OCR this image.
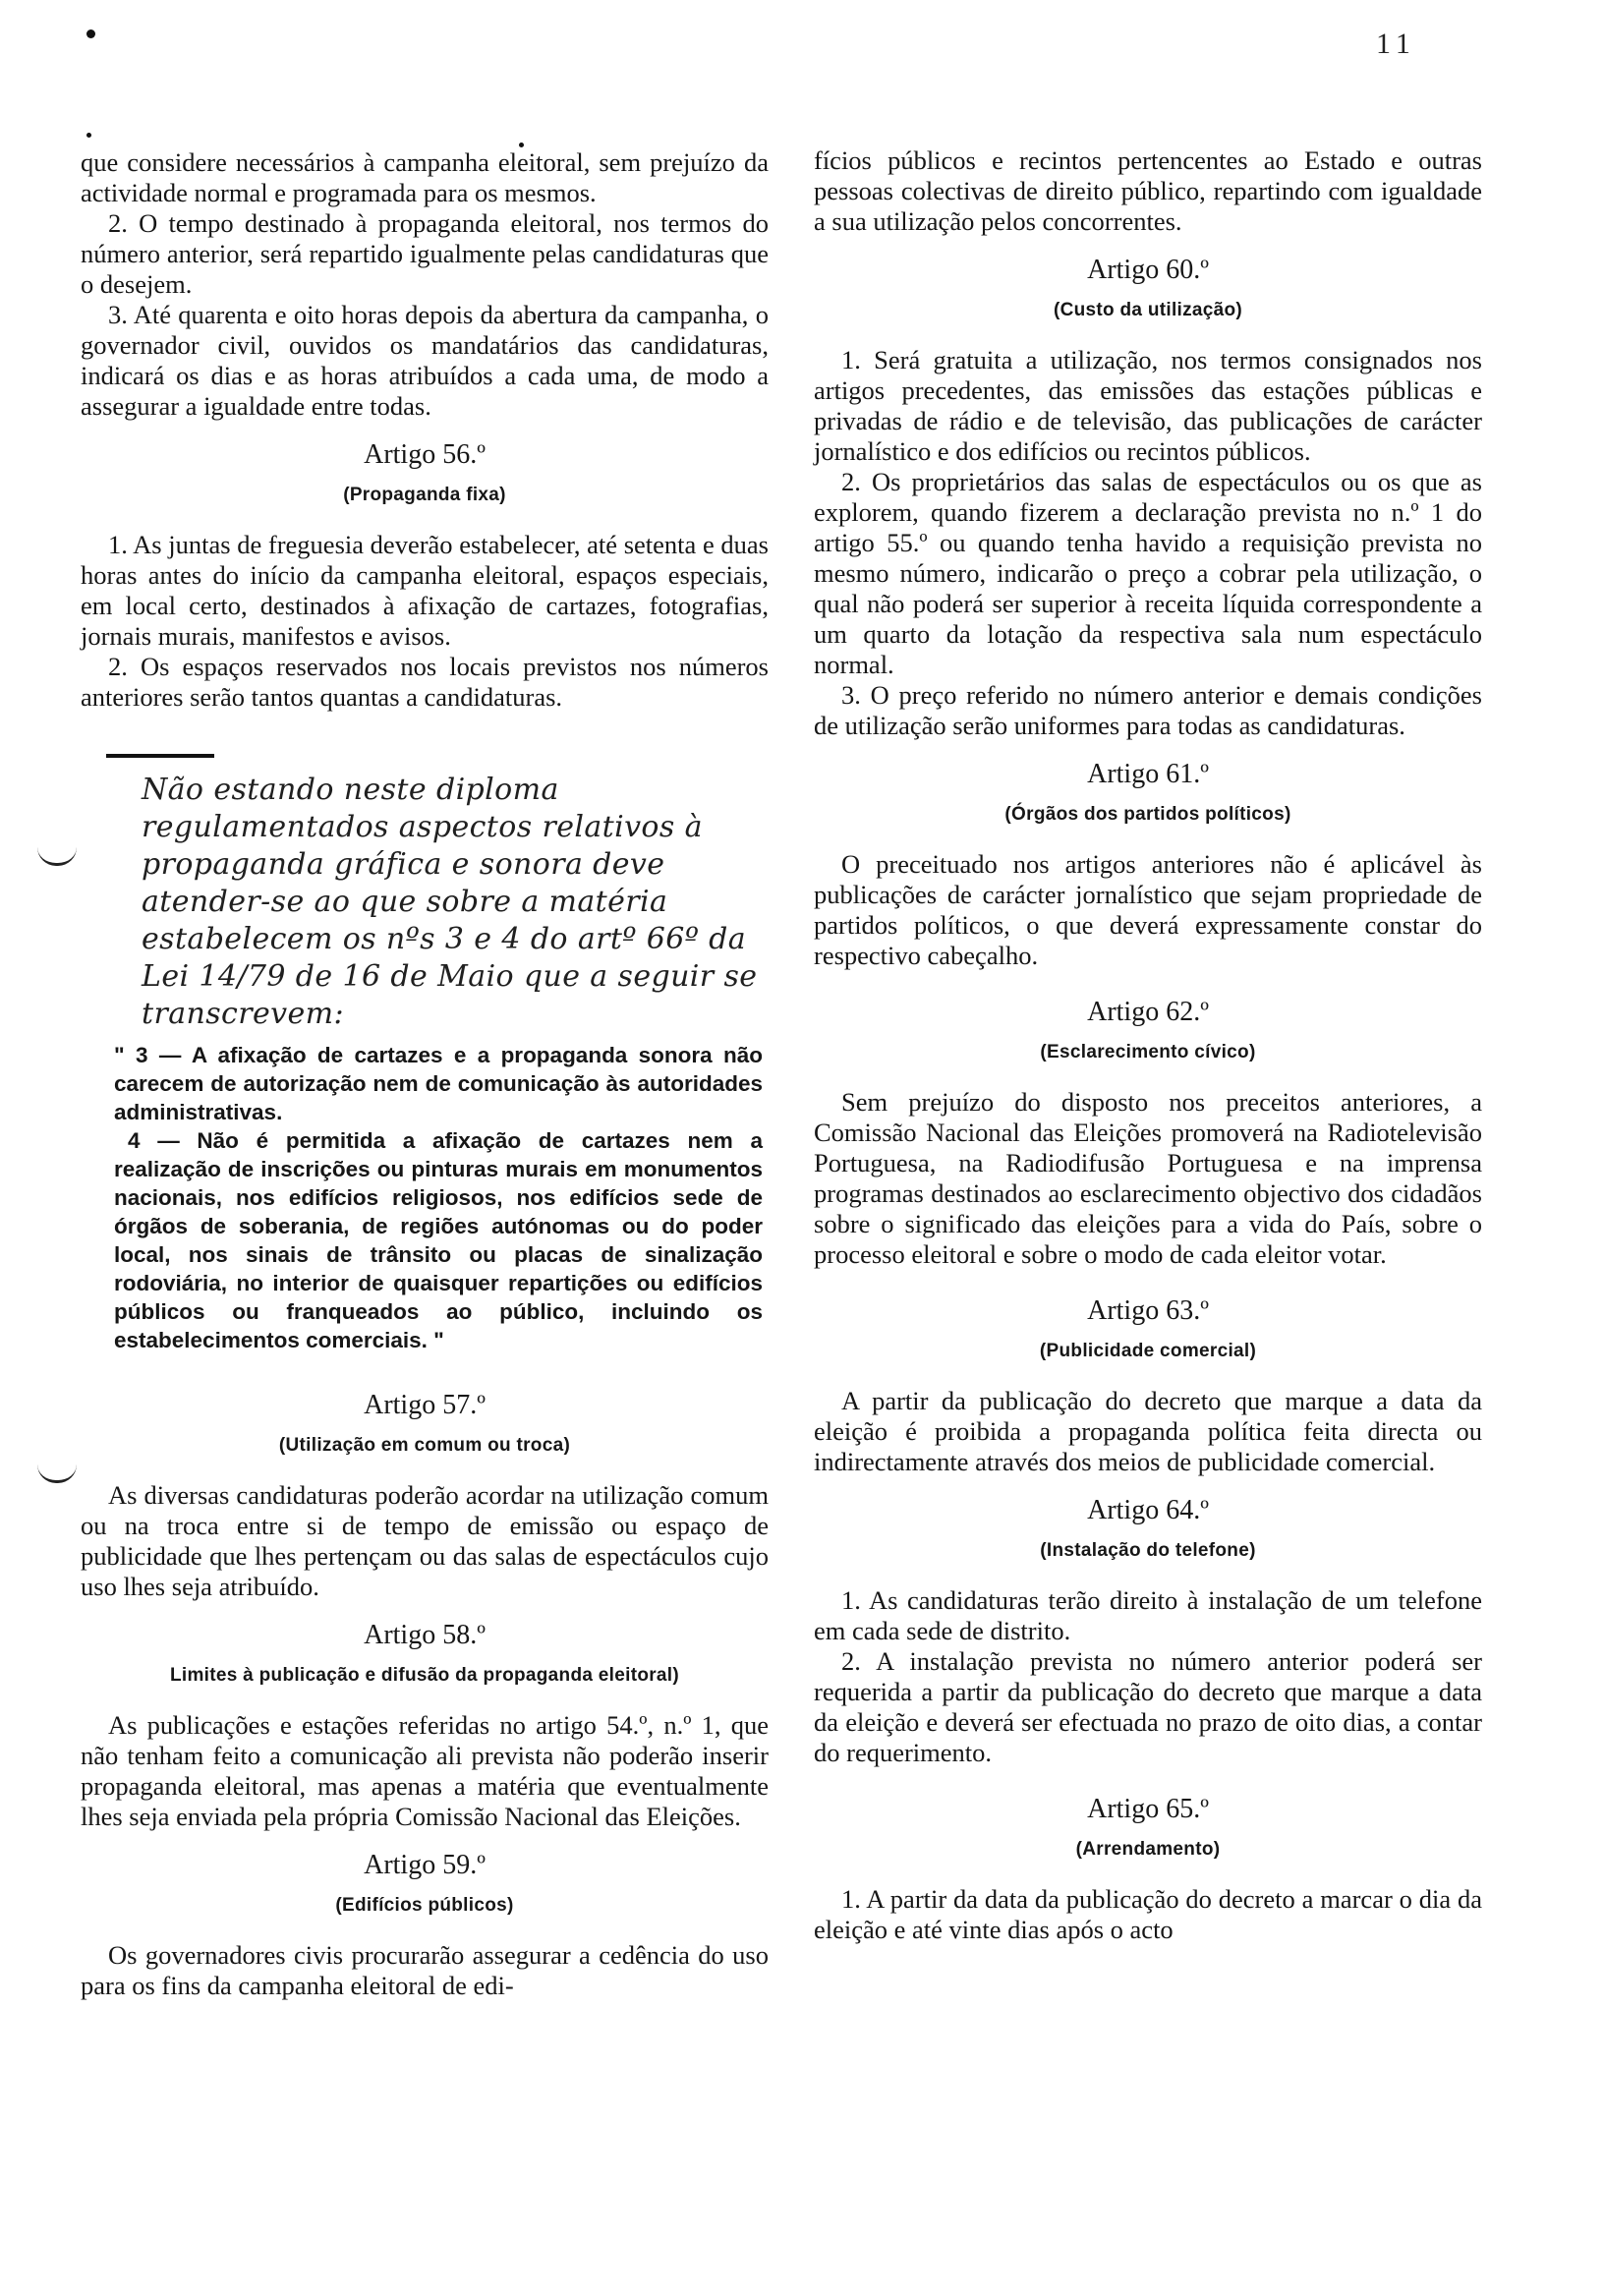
11

que considere necessários à campanha eleitoral, sem prejuízo da actividade normal e programada para os mesmos.

2. O tempo destinado à propaganda eleitoral, nos termos do número anterior, será repartido igualmente pelas candidaturas que o desejem.

3. Até quarenta e oito horas depois da abertura da campanha, o governador civil, ouvidos os mandatários das candidaturas, indicará os dias e as horas atribuídos a cada uma, de modo a assegurar a igualdade entre todas.

Artigo 56.º
(Propaganda fixa)

1. As juntas de freguesia deverão estabelecer, até setenta e duas horas antes do início da campanha eleitoral, espaços especiais, em local certo, destinados à afixação de cartazes, fotografias, jornais murais, manifestos e avisos.

2. Os espaços reservados nos locais previstos nos números anteriores serão tantos quantas a candidaturas.

Não estando neste diploma regulamentados aspectos relativos à propaganda gráfica e sonora deve atender-se ao que sobre a matéria estabelecem os nºs 3 e 4 do artº 66º da Lei 14/79 de 16 de Maio que a seguir se transcrevem:

" 3 — A afixação de cartazes e a propaganda sonora não carecem de autorização nem de comunicação às autoridades administrativas.

4 — Não é permitida a afixação de cartazes nem a realização de inscrições ou pinturas murais em monumentos nacionais, nos edifícios religiosos, nos edifícios sede de órgãos de soberania, de regiões autónomas ou do poder local, nos sinais de trânsito ou placas de sinalização rodoviária, no interior de quaisquer repartições ou edifícios públicos ou franqueados ao público, incluindo os estabelecimentos comerciais. "

Artigo 57.º
(Utilização em comum ou troca)

As diversas candidaturas poderão acordar na utilização comum ou na troca entre si de tempo de emissão ou espaço de publicidade que lhes pertençam ou das salas de espectáculos cujo uso lhes seja atribuído.

Artigo 58.º
Limites à publicação e difusão da propaganda eleitoral)

As publicações e estações referidas no artigo 54.º, n.º 1, que não tenham feito a comunicação ali prevista não poderão inserir propaganda eleitoral, mas apenas a matéria que eventualmente lhes seja enviada pela própria Comissão Nacional das Eleições.

Artigo 59.º
(Edifícios públicos)

Os governadores civis procurarão assegurar a cedência do uso para os fins da campanha eleitoral de edi-

fícios públicos e recintos pertencentes ao Estado e outras pessoas colectivas de direito público, repartindo com igualdade a sua utilização pelos concorrentes.

Artigo 60.º
(Custo da utilização)

1. Será gratuita a utilização, nos termos consignados nos artigos precedentes, das emissões das estações públicas e privadas de rádio e de televisão, das publicações de carácter jornalístico e dos edifícios ou recintos públicos.

2. Os proprietários das salas de espectáculos ou os que as explorem, quando fizerem a declaração prevista no n.º 1 do artigo 55.º ou quando tenha havido a requisição prevista no mesmo número, indicarão o preço a cobrar pela utilização, o qual não poderá ser superior à receita líquida correspondente a um quarto da lotação da respectiva sala num espectáculo normal.

3. O preço referido no número anterior e demais condições de utilização serão uniformes para todas as candidaturas.

Artigo 61.º
(Órgãos dos partidos políticos)

O preceituado nos artigos anteriores não é aplicável às publicações de carácter jornalístico que sejam propriedade de partidos políticos, o que deverá expressamente constar do respectivo cabeçalho.

Artigo 62.º
(Esclarecimento cívico)

Sem prejuízo do disposto nos preceitos anteriores, a Comissão Nacional das Eleições promoverá na Radiotelevisão Portuguesa, na Radiodifusão Portuguesa e na imprensa programas destinados ao esclarecimento objectivo dos cidadãos sobre o significado das eleições para a vida do País, sobre o processo eleitoral e sobre o modo de cada eleitor votar.

Artigo 63.º
(Publicidade comercial)

A partir da publicação do decreto que marque a data da eleição é proibida a propaganda política feita directa ou indirectamente através dos meios de publicidade comercial.

Artigo 64.º
(Instalação do telefone)

1. As candidaturas terão direito à instalação de um telefone em cada sede de distrito.

2. A instalação prevista no número anterior poderá ser requerida a partir da publicação do decreto que marque a data da eleição e deverá ser efectuada no prazo de oito dias, a contar do requerimento.

Artigo 65.º
(Arrendamento)

1. A partir da data da publicação do decreto a marcar o dia da eleição e até vinte dias após o acto
